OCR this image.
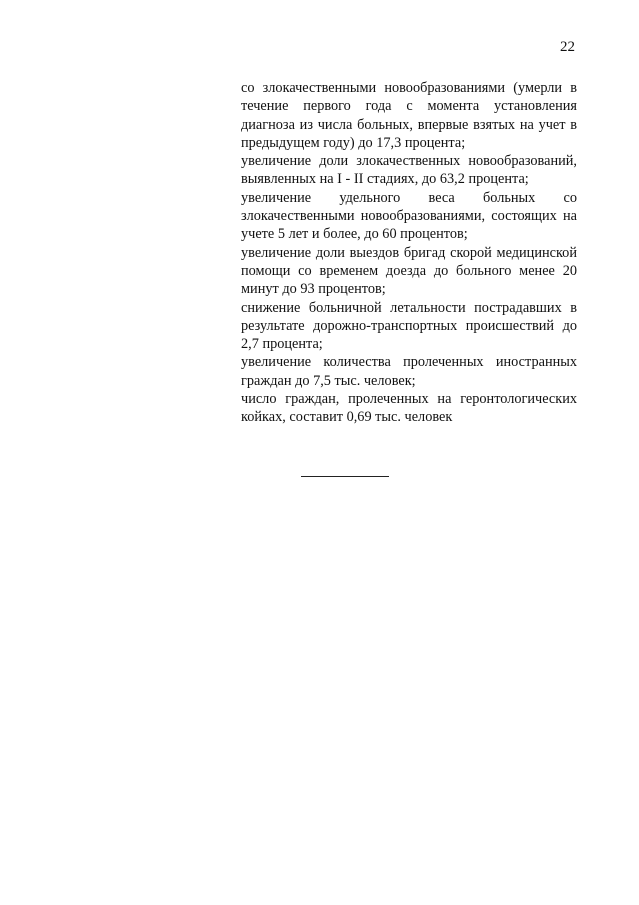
22

со злокачественными новообразованиями (умерли в течение первого года с момента установления диагноза из числа больных, впервые взятых на учет в предыдущем году) до 17,3 процента;

увеличение доли злокачественных новообразований, выявленных на I - II стадиях, до 63,2 процента;

увеличение удельного веса больных со злокачественными новообразованиями, состоящих на учете 5 лет и более, до 60 процентов;

увеличение доли выездов бригад скорой медицинской помощи со временем доезда до больного менее 20 минут до 93 процентов;

снижение больничной летальности пострадавших в результате дорожно-транспортных происшествий до 2,7 процента;

увеличение количества пролеченных иностранных граждан до 7,5 тыс. человек;

число граждан, пролеченных на геронтологических койках, составит 0,69 тыс. человек
